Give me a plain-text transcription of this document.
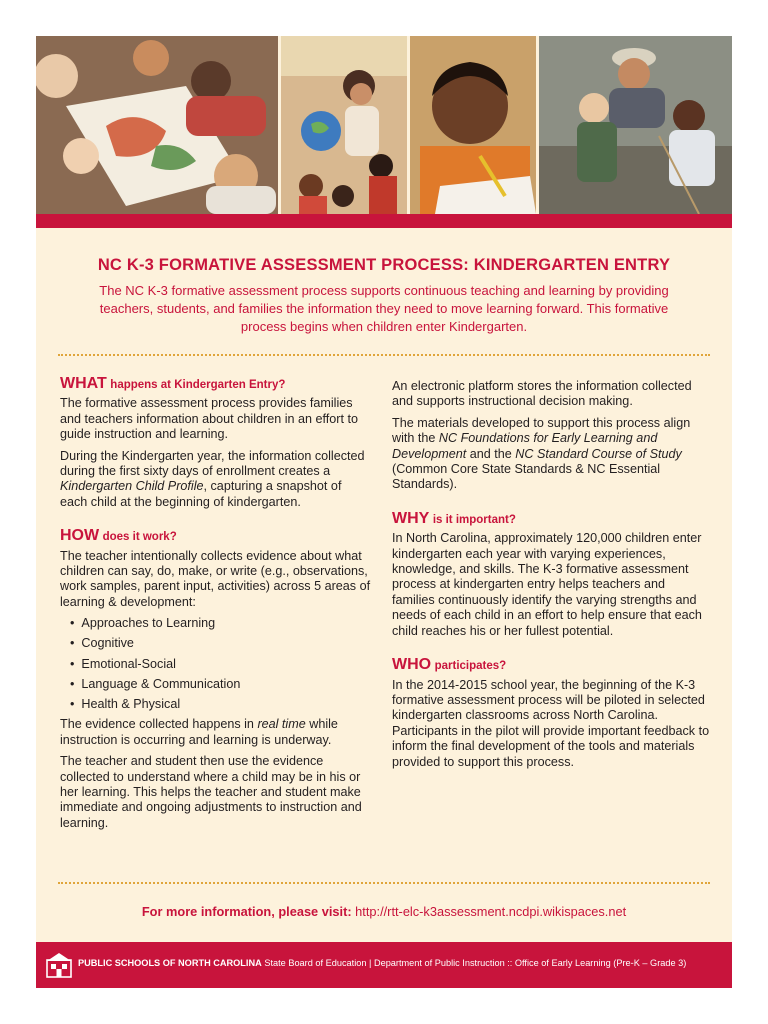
NC K-3 FORMATIVE ASSESSMENT PROCESS: KINDERGARTEN ENTRY
The NC K-3 formative assessment process supports continuous teaching and learning by providing teachers, students, and families the information they need to move learning forward. This formative process begins when children enter Kindergarten.
WHAT happens at Kindergarten Entry?

The formative assessment process provides families and teachers information about children in an effort to guide instruction and learning.

During the Kindergarten year, the information collected during the first sixty days of enrollment creates a Kindergarten Child Profile, capturing a snapshot of each child at the beginning of kindergarten.

HOW does it work?

The teacher intentionally collects evidence about what children can say, do, make, or write (e.g., observations, work samples, parent input, activities) across 5 areas of learning & development:

• Approaches to Learning
• Cognitive
• Emotional-Social
• Language & Communication
• Health & Physical

The evidence collected happens in real time while instruction is occurring and learning is underway.

The teacher and student then use the evidence collected to understand where a child may be in his or her learning. This helps the teacher and student make immediate and ongoing adjustments to instruction and learning.

An electronic platform stores the information collected and supports instructional decision making.

The materials developed to support this process align with the NC Foundations for Early Learning and Development and the NC Standard Course of Study (Common Core State Standards & NC Essential Standards).

WHY is it important?

In North Carolina, approximately 120,000 children enter kindergarten each year with varying experiences, knowledge, and skills. The K-3 formative assessment process at kindergarten entry helps teachers and families continuously identify the varying strengths and needs of each child in an effort to help ensure that each child reaches his or her fullest potential.

WHO participates?

In the 2014-2015 school year, the beginning of the K-3 formative assessment process will be piloted in selected kindergarten classrooms across North Carolina. Participants in the pilot will provide important feedback to inform the final development of the tools and materials provided to support this process.

For more information, please visit: http://rtt-elc-k3assessment.ncdpi.wikispaces.net
PUBLIC SCHOOLS OF NORTH CAROLINA State Board of Education | Department of Public Instruction :: Office of Early Learning (Pre-K – Grade 3)
